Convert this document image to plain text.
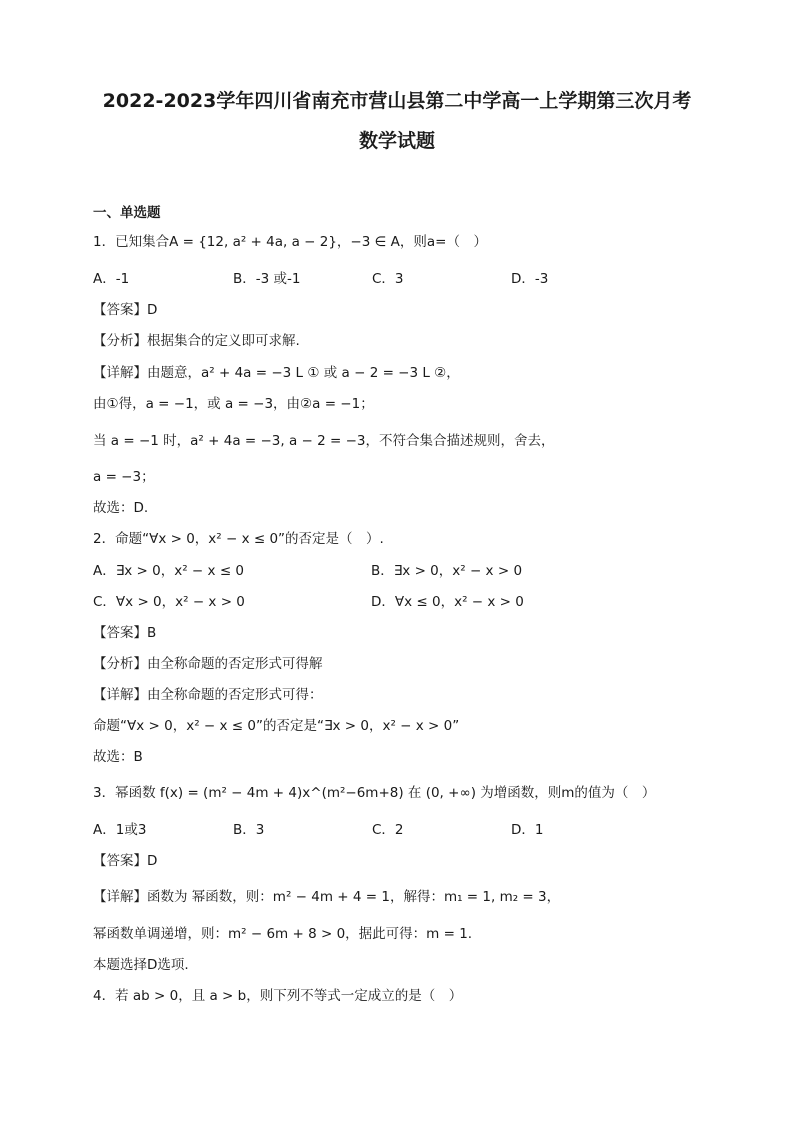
2022-2023学年四川省南充市营山县第二中学高一上学期第三次月考
数学试题
一、单选题
1．已知集合A = {12, a² + 4a, a − 2}，−3 ∈ A，则a=（　）
A．-1	B．-3 或-1	C．3	D．-3
【答案】D
【分析】根据集合的定义即可求解.
【详解】由题意，a² + 4a = −3 L ① 或 a − 2 = −3 L ②，
由①得，a = −1，或 a = −3，由②a = −1；
当 a = −1 时，a² + 4a = −3, a − 2 = −3，不符合集合描述规则，舍去，
a = −3；
故选：D.
2．命题“∀x > 0，x² − x ≤ 0”的否定是（　）.
A．∃x > 0，x² − x ≤ 0	B．∃x > 0，x² − x > 0
C．∀x > 0，x² − x > 0	D．∀x ≤ 0，x² − x > 0
【答案】B
【分析】由全称命题的否定形式可得解
【详解】由全称命题的否定形式可得：
命题“∀x > 0，x² − x ≤ 0”的否定是“∃x > 0，x² − x > 0”
故选：B
3．幂函数 f(x) = (m² − 4m + 4)x^(m²−6m+8) 在 (0, +∞) 为增函数，则m的值为（　）
A．1或3	B．3	C．2	D．1
【答案】D
【详解】函数为 幂函数，则：m² − 4m + 4 = 1，解得：m₁ = 1, m₂ = 3，
幂函数单调递增，则：m² − 6m + 8 > 0，据此可得：m = 1.
本题选择D选项.
4．若 ab > 0，且 a > b，则下列不等式一定成立的是（　）
